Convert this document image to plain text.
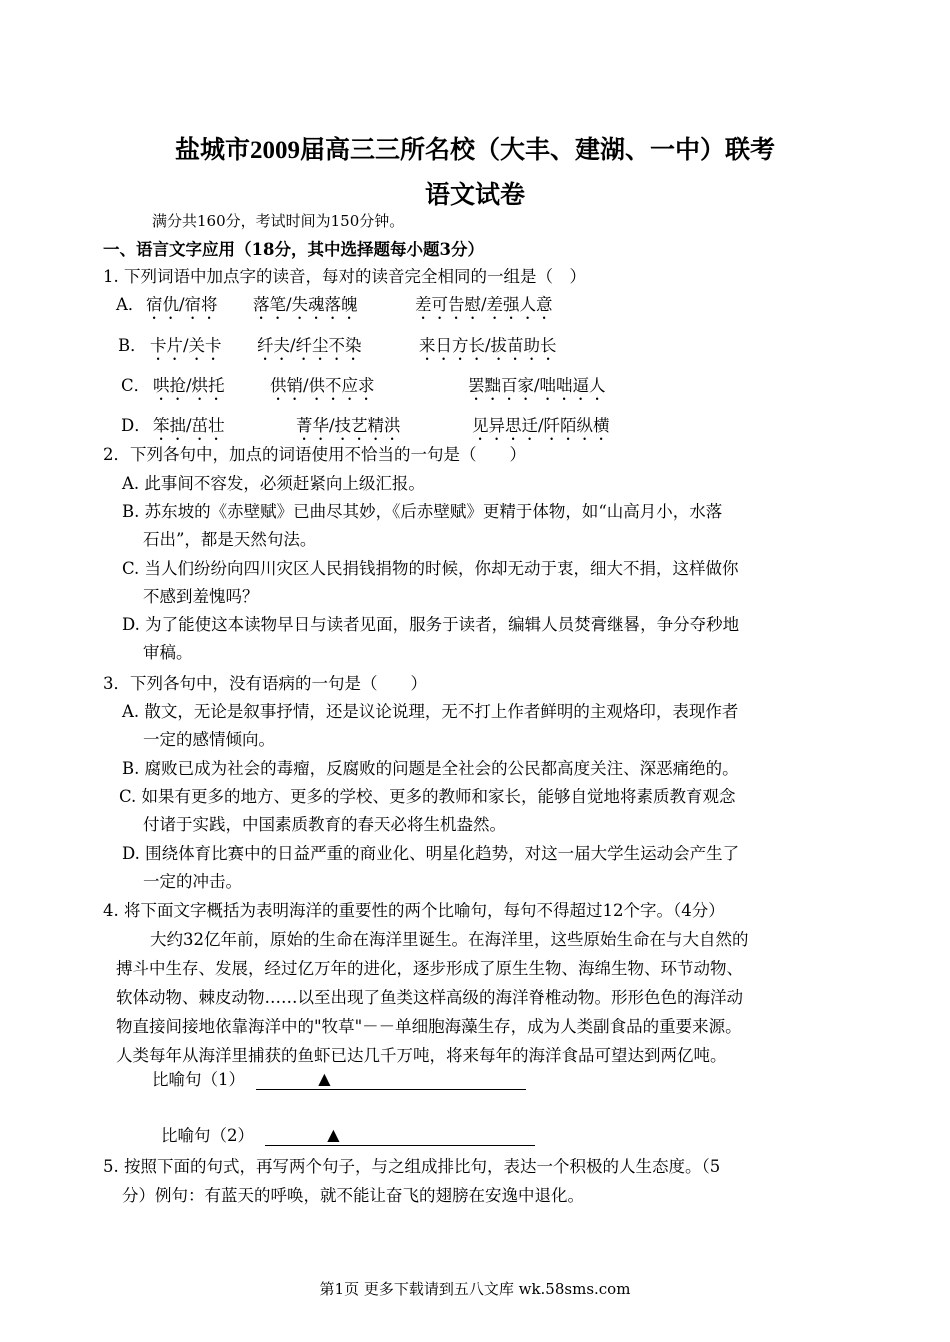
盐城市2009届高三三所名校（大丰、建湖、一中）联考
语文试卷
满分共160分，考试时间为150分钟。
一、语言文字应用（18分，其中选择题每小题3分）
1. 下列词语中加点字的读音，每对的读音完全相同的一组是（　）
A． 宿仇/宿将 落笔/失魂落魄	差可告慰/差强人意
B． 卡片/关卡 纤夫/纤尘不染	来日方长/拔苗助长
C． 哄抢/烘托	供销/供不应求	罢黜百家/咄咄逼人
D． 笨拙/茁壮	菁华/技艺精洪	见异思迁/阡陌纵横
2．下列各句中，加点的词语使用不恰当的一句是（　　）
A. 此事间不容发，必须赶紧向上级汇报。
B. 苏东坡的《赤壁赋》已曲尽其妙，《后赤壁赋》更精于体物，如“山高月小，水落
石出”，都是天然句法。
C. 当人们纷纷向四川灾区人民捐钱捐物的时候，你却无动于衷，细大不捐，这样做你
不感到羞愧吗？
D. 为了能使这本读物早日与读者见面，服务于读者，编辑人员焚膏继晷，争分夺秒地
审稿。
3．下列各句中，没有语病的一句是（　　）
A. 散文，无论是叙事抒情，还是议论说理，无不打上作者鲜明的主观烙印，表现作者
一定的感情倾向。
B. 腐败已成为社会的毒瘤，反腐败的问题是全社会的公民都高度关注、深恶痛绝的。
C. 如果有更多的地方、更多的学校、更多的教师和家长，能够自觉地将素质教育观念
付诸于实践，中国素质教育的春天必将生机盎然。
D. 围绕体育比赛中的日益严重的商业化、明星化趋势，对这一届大学生运动会产生了
一定的冲击。
4. 将下面文字概括为表明海洋的重要性的两个比喻句，每句不得超过12个字。（4分）
大约32亿年前，原始的生命在海洋里诞生。在海洋里，这些原始生命在与大自然的
搏斗中生存、发展，经过亿万年的进化，逐步形成了原生生物、海绵生物、环节动物、
软体动物、棘皮动物……以至出现了鱼类这样高级的海洋脊椎动物。形形色色的海洋动
物直接间接地依靠海洋中的"牧草"－－单细胞海藻生存，成为人类副食品的重要来源。
人类每年从海洋里捕获的鱼虾已达几千万吨，将来每年的海洋食品可望达到两亿吨。
比喻句（1）	▲
比喻句（2）	▲
5. 按照下面的句式，再写两个句子，与之组成排比句，表达一个积极的人生态度。（5
分）例句：有蓝天的呼唤，就不能让奋飞的翅膀在安逸中退化。
第1页 更多下载请到五八文库 wk.58sms.com
